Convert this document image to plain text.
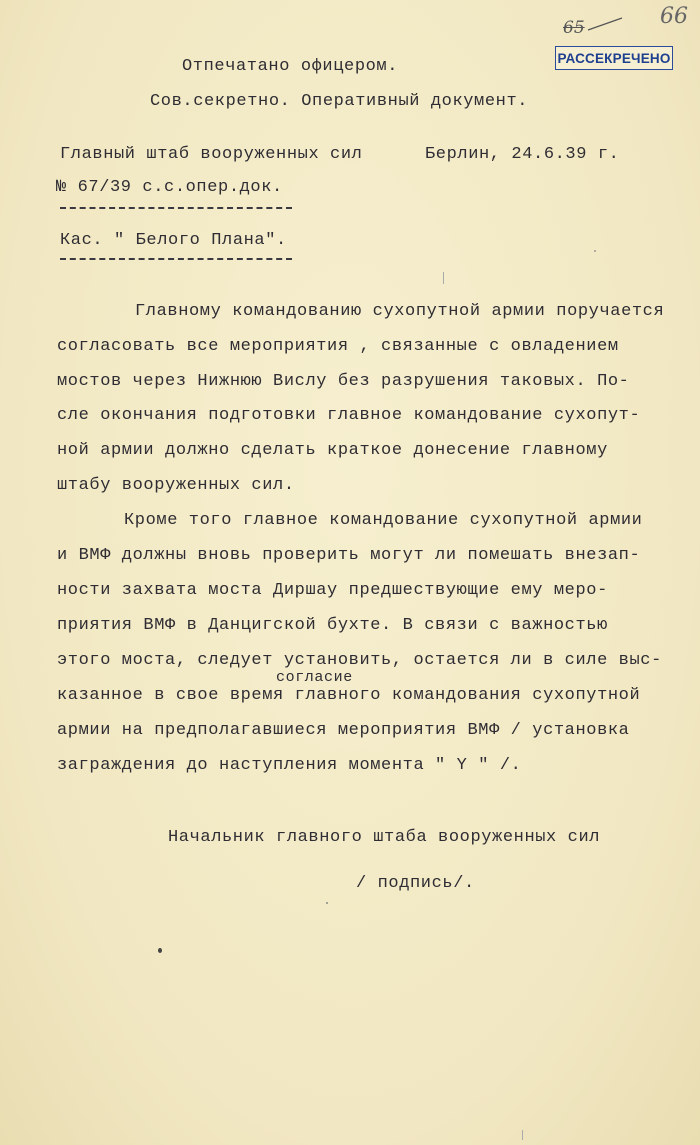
65	66
РАССЕКРЕЧЕНО
Отпечатано офицером.
Сов.секретно. Оперативный документ.
Главный штаб вооруженных сил	Берлин, 24.6.39 г.
№ 67/39 с.с.опер.док.
Кас. " Белого Плана".
Главному командованию сухопутной армии поручается
согласовать все мероприятия , связанные с овладением
мостов через Нижнюю Вислу без разрушения таковых. По-
сле окончания подготовки главное командование сухопут-
ной армии должно сделать краткое донесение главному
штабу вооруженных сил.
Кроме того главное командование сухопутной армии
и ВМФ должны вновь проверить могут ли помешать внезап-
ности захвата моста Диршау предшествующие ему меро-
приятия ВМФ в Данцигской бухте. В связи с важностью
этого моста, следует установить, остается ли в силе выс-
согласие
казанное в свое время главного командования сухопутной
армии на предполагавшиеся мероприятия ВМФ / установка
заграждения до наступления момента " Y " /.
Начальник главного штаба вооруженных сил
/ подпись/.
